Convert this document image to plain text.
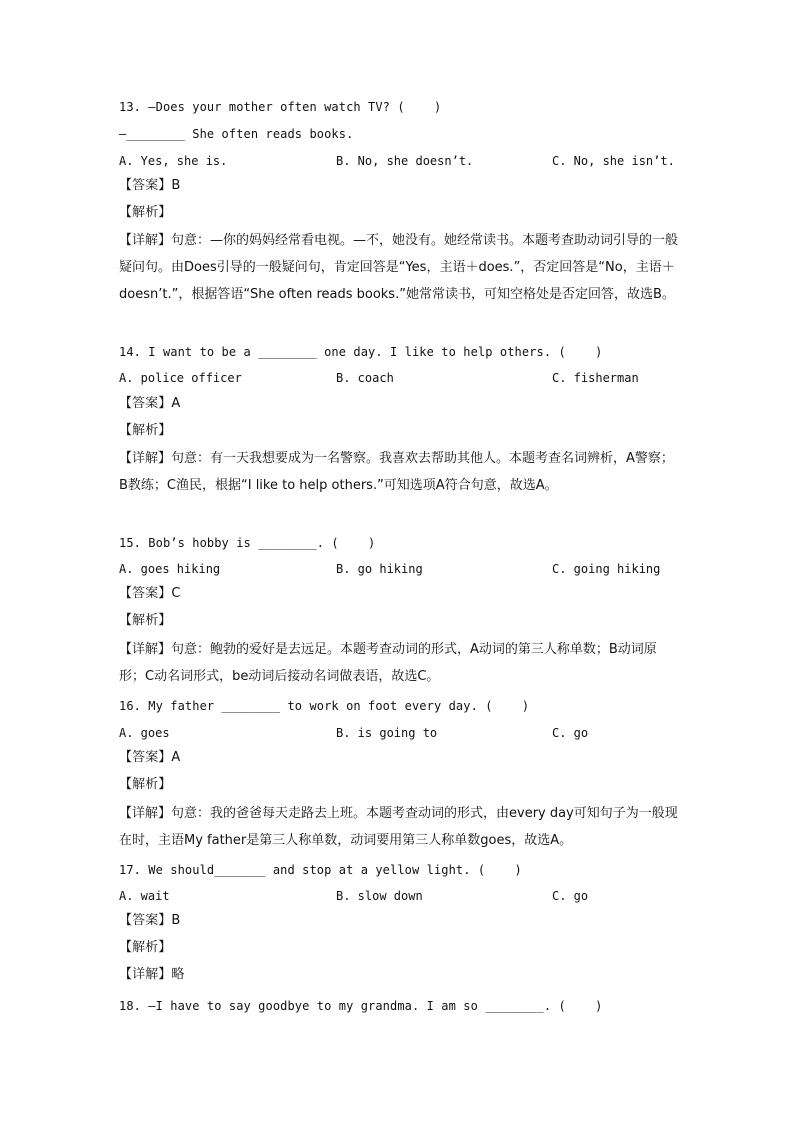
13. —Does your mother often watch TV? (    )
—________ She often reads books.
A. Yes, she is.	B. No, she doesn’t.	C. No, she isn’t.
【答案】B
【解析】
【详解】句意：—你的妈妈经常看电视。—不，她没有。她经常读书。本题考查助动词引导的一般疑问句。由Does引导的一般疑问句，肯定回答是“Yes，主语＋does.”，否定回答是“No，主语＋doesn’t.”，根据答语“She often reads books.”她常常读书，可知空格处是否定回答，故选B。
14. I want to be a ________ one day. I like to help others. (    )
A. police officer	B. coach	C. fisherman
【答案】A
【解析】
【详解】句意：有一天我想要成为一名警察。我喜欢去帮助其他人。本题考查名词辨析，A警察；B教练；C渔民，根据“I like to help others.”可知选项A符合句意，故选A。
15. Bob’s hobby is ________. (    )
A. goes hiking	B. go hiking	C. going hiking
【答案】C
【解析】
【详解】句意：鲍勃的爱好是去远足。本题考查动词的形式，A动词的第三人称单数；B动词原形；C动名词形式，be动词后接动名词做表语，故选C。
16. My father ________ to work on foot every day. (    )
A. goes	B. is going to	C. go
【答案】A
【解析】
【详解】句意：我的爸爸每天走路去上班。本题考查动词的形式，由every day可知句子为一般现在时，主语My father是第三人称单数，动词要用第三人称单数goes，故选A。
17. We should_______ and stop at a yellow light. (    )
A. wait	B. slow down	C. go
【答案】B
【解析】
【详解】略
18. —I have to say goodbye to my grandma. I am so ________. (    )
